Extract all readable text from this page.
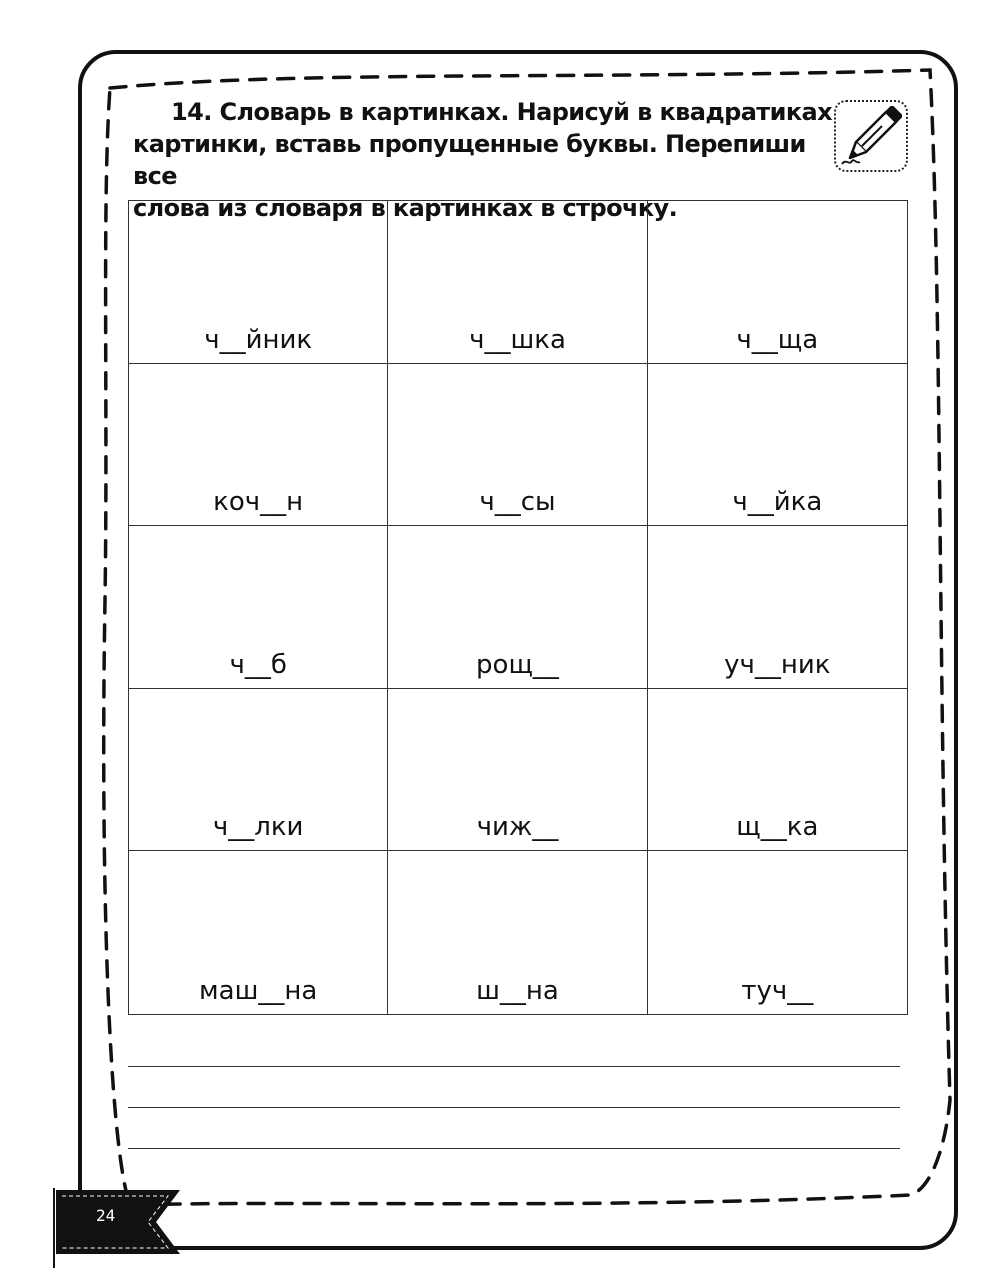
14. Словарь в картинках. Нарисуй в квадратиках
картинки, вставь пропущенные буквы. Перепиши все
слова из словаря в картинках в строчку.
ч__йник	ч__шка	ч__ща
коч__н	ч__сы	ч__йка
ч__б	рощ__	уч__ник
ч__лки	чиж__	щ__ка
маш__на	ш__на	туч__
24
